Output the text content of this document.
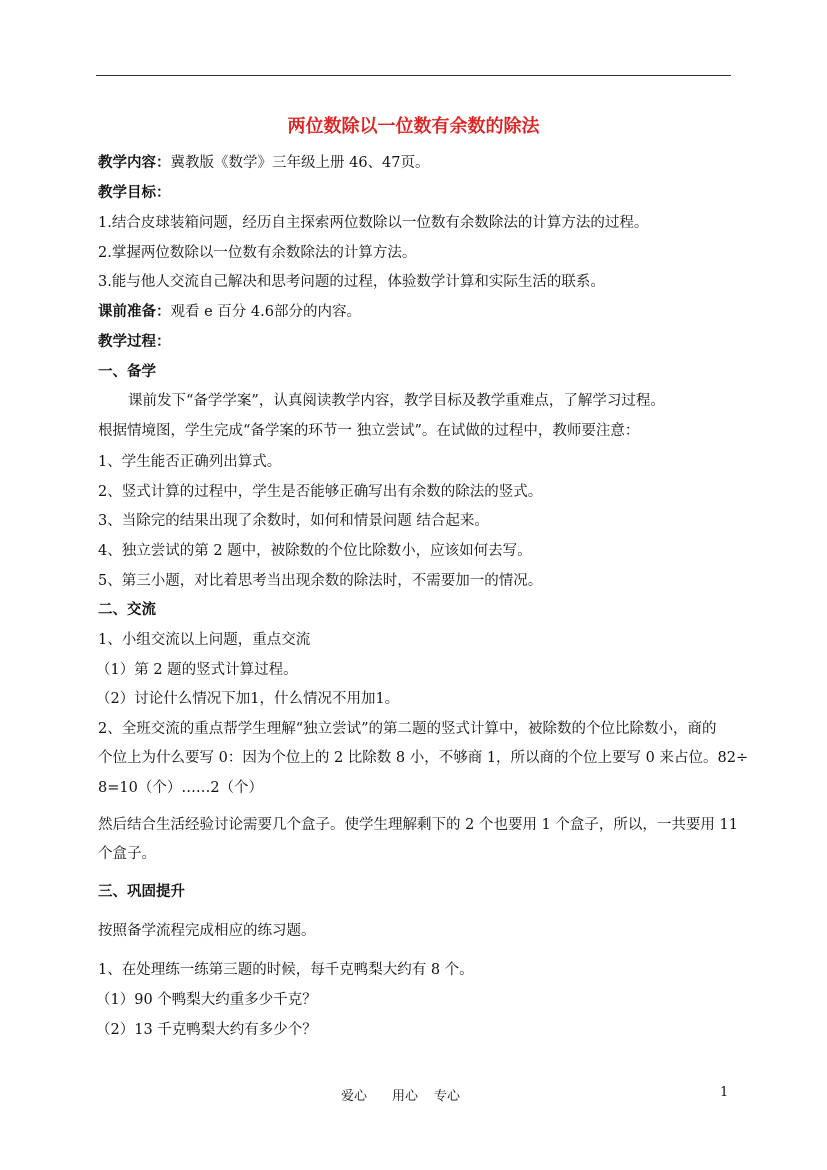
两位数除以一位数有余数的除法
教学内容：冀教版《数学》三年级上册 46、47页。
教学目标：
1.结合皮球装箱问题，经历自主探索两位数除以一位数有余数除法的计算方法的过程。
2.掌握两位数除以一位数有余数除法的计算方法。
3.能与他人交流自己解决和思考问题的过程，体验数学计算和实际生活的联系。
课前准备：观看 e 百分 4.6部分的内容。
教学过程：
一、备学
课前发下“备学学案”，认真阅读教学内容，教学目标及教学重难点，了解学习过程。
根据情境图，学生完成“备学案的环节一 独立尝试”。在试做的过程中，教师要注意：
1、学生能否正确列出算式。
2、竖式计算的过程中，学生是否能够正确写出有余数的除法的竖式。
3、当除完的结果出现了余数时，如何和情景问题 结合起来。
4、独立尝试的第 2 题中，被除数的个位比除数小，应该如何去写。
5、第三小题，对比着思考当出现余数的除法时，不需要加一的情况。
二、交流
1、小组交流以上问题，重点交流
（1）第 2 题的竖式计算过程。
（2）讨论什么情况下加1，什么情况不用加1。
2、全班交流的重点帮学生理解“独立尝试”的第二题的竖式计算中，被除数的个位比除数小，商的
个位上为什么要写 0：因为个位上的 2 比除数 8 小，不够商 1，所以商的个位上要写 0 来占位。82÷
8=10（个）……2（个）
然后结合生活经验讨论需要几个盒子。使学生理解剩下的 2 个也要用 1 个盒子，所以，一共要用 11
个盒子。
三、巩固提升
按照备学流程完成相应的练习题。
1、在处理练一练第三题的时候，每千克鸭梨大约有 8 个。
（1）90 个鸭梨大约重多少千克？
（2）13 千克鸭梨大约有多少个？
爱心 用心 专心	1
